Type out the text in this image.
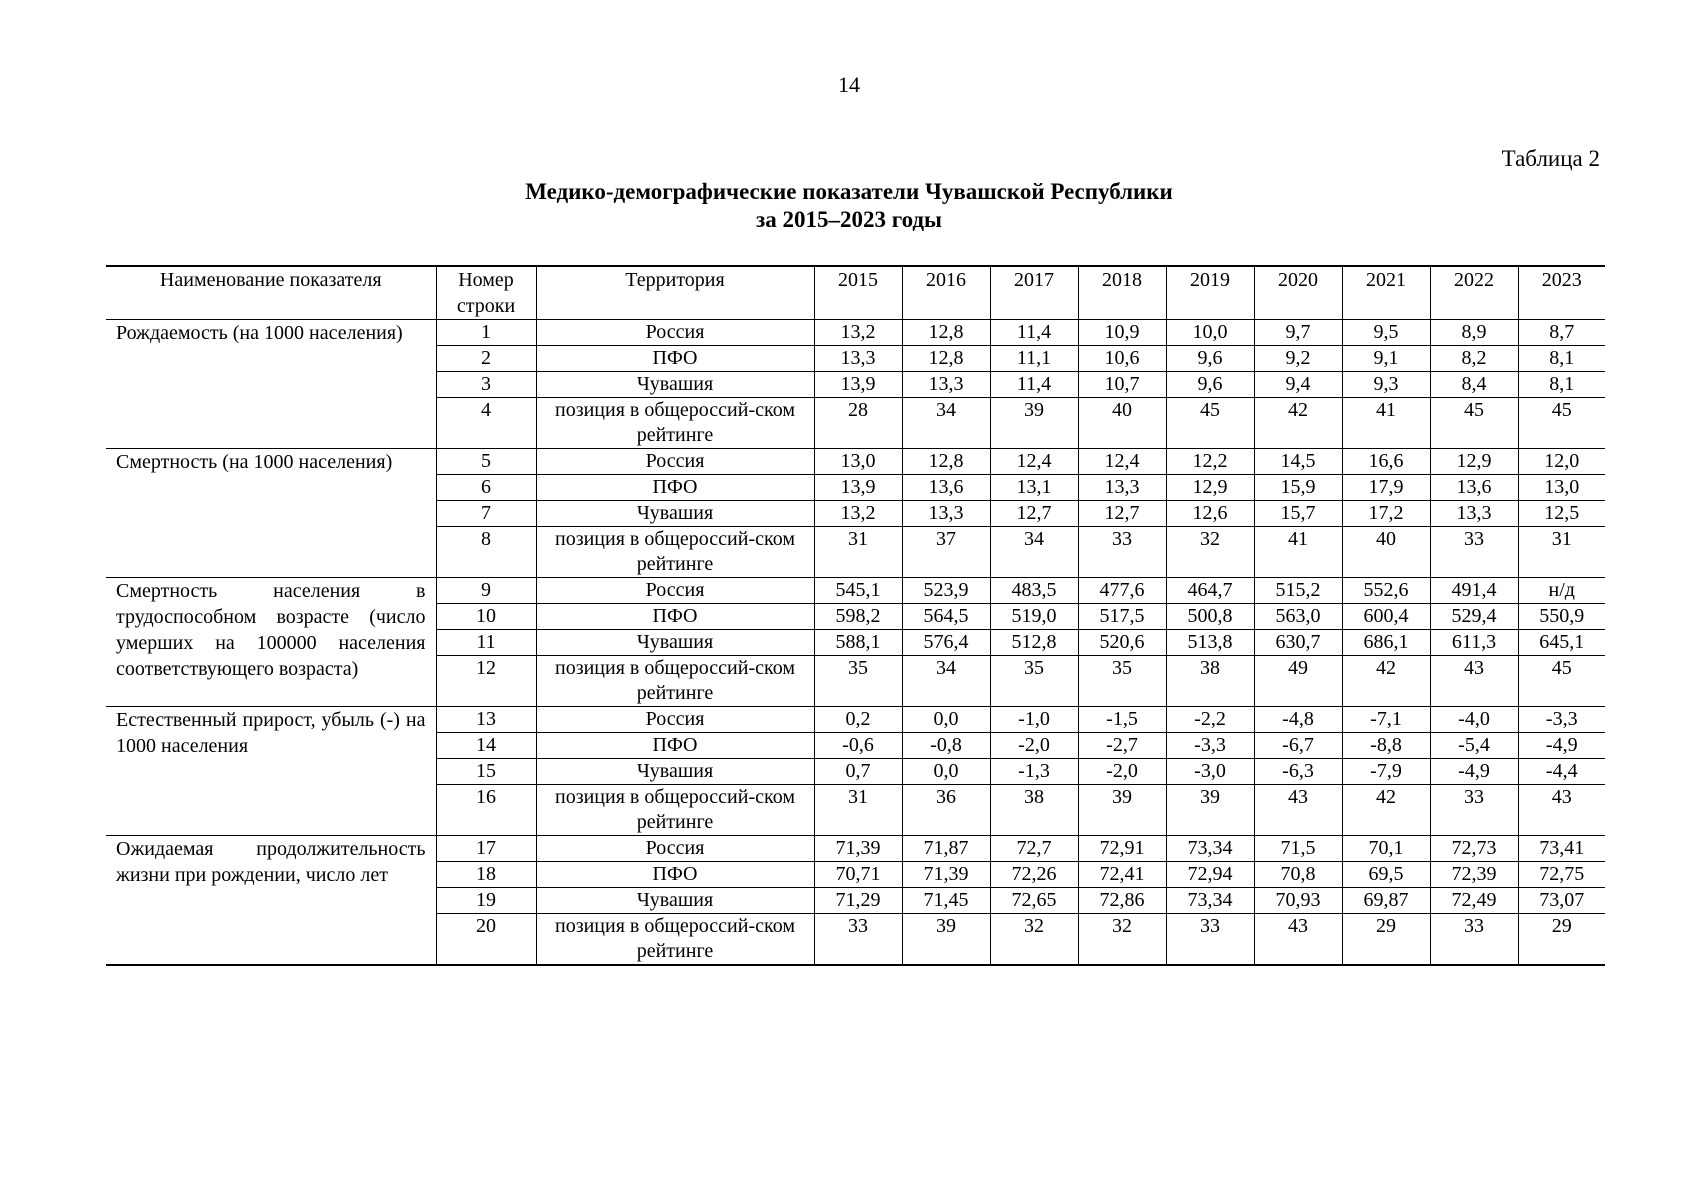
14
Таблица 2
Медико-демографические показатели Чувашской Республики
за 2015–2023 годы
Наименование показателя	Номер строки	Территория	2015	2016	2017	2018	2019	2020	2021	2022	2023
Рождаемость (на 1000 населения)	1	Россия	13,2	12,8	11,4	10,9	10,0	9,7	9,5	8,9	8,7
	2	ПФО	13,3	12,8	11,1	10,6	9,6	9,2	9,1	8,2	8,1
	3	Чувашия	13,9	13,3	11,4	10,7	9,6	9,4	9,3	8,4	8,1
	4	позиция в общероссий-ском рейтинге	28	34	39	40	45	42	41	45	45
Смертность (на 1000 населения)	5	Россия	13,0	12,8	12,4	12,4	12,2	14,5	16,6	12,9	12,0
	6	ПФО	13,9	13,6	13,1	13,3	12,9	15,9	17,9	13,6	13,0
	7	Чувашия	13,2	13,3	12,7	12,7	12,6	15,7	17,2	13,3	12,5
	8	позиция в общероссий-ском рейтинге	31	37	34	33	32	41	40	33	31
Смертность населения в трудоспособном возрасте (число умерших на 100000 населения соответствующего возраста)	9	Россия	545,1	523,9	483,5	477,6	464,7	515,2	552,6	491,4	н/д
	10	ПФО	598,2	564,5	519,0	517,5	500,8	563,0	600,4	529,4	550,9
	11	Чувашия	588,1	576,4	512,8	520,6	513,8	630,7	686,1	611,3	645,1
	12	позиция в общероссий-ском рейтинге	35	34	35	35	38	49	42	43	45
Естественный прирост, убыль (-) на 1000 населения	13	Россия	0,2	0,0	-1,0	-1,5	-2,2	-4,8	-7,1	-4,0	-3,3
	14	ПФО	-0,6	-0,8	-2,0	-2,7	-3,3	-6,7	-8,8	-5,4	-4,9
	15	Чувашия	0,7	0,0	-1,3	-2,0	-3,0	-6,3	-7,9	-4,9	-4,4
	16	позиция в общероссий-ском рейтинге	31	36	38	39	39	43	42	33	43
Ожидаемая продолжительность жизни при рождении, число лет	17	Россия	71,39	71,87	72,7	72,91	73,34	71,5	70,1	72,73	73,41
	18	ПФО	70,71	71,39	72,26	72,41	72,94	70,8	69,5	72,39	72,75
	19	Чувашия	71,29	71,45	72,65	72,86	73,34	70,93	69,87	72,49	73,07
	20	позиция в общероссий-ском рейтинге	33	39	32	32	33	43	29	33	29
